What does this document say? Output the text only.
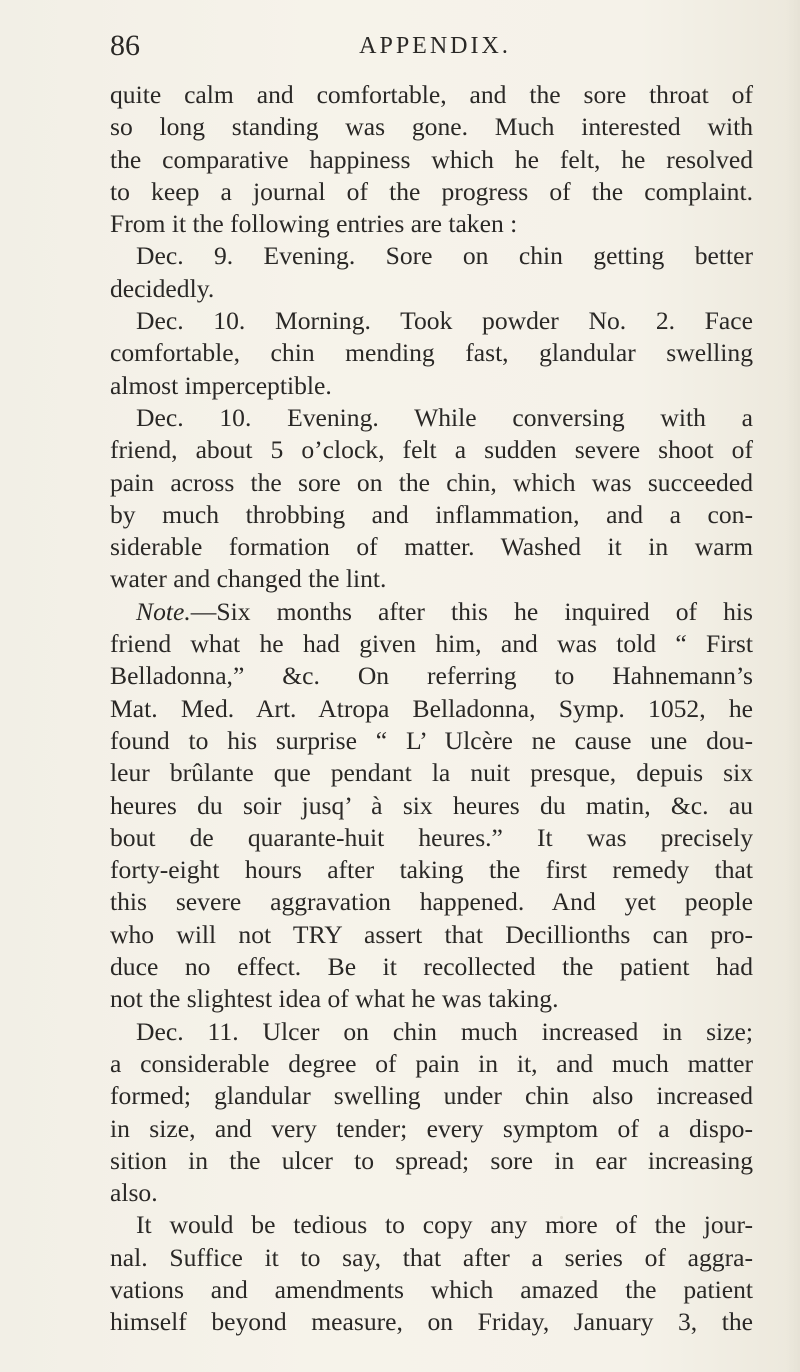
86	APPENDIX.
quite calm and comfortable, and the sore throat of
so long standing was gone. Much interested with
the comparative happiness which he felt, he resolved
to keep a journal of the progress of the complaint.
From it the following entries are taken :
Dec. 9. Evening. Sore on chin getting better
decidedly.
Dec. 10. Morning. Took powder No. 2. Face
comfortable, chin mending fast, glandular swelling
almost imperceptible.
Dec. 10. Evening. While conversing with a
friend, about 5 o’clock, felt a sudden severe shoot of
pain across the sore on the chin, which was succeeded
by much throbbing and inflammation, and a con-
siderable formation of matter. Washed it in warm
water and changed the lint.
Note.—Six months after this he inquired of his
friend what he had given him, and was told “ First
Belladonna,” &c. On referring to Hahnemann’s
Mat. Med. Art. Atropa Belladonna, Symp. 1052, he
found to his surprise “ L’ Ulcère ne cause une dou-
leur brûlante que pendant la nuit presque, depuis six
heures du soir jusq’ à six heures du matin, &c. au
bout de quarante-huit heures.” It was precisely
forty-eight hours after taking the first remedy that
this severe aggravation happened. And yet people
who will not TRY assert that Decillionths can pro-
duce no effect. Be it recollected the patient had
not the slightest idea of what he was taking.
Dec. 11. Ulcer on chin much increased in size;
a considerable degree of pain in it, and much matter
formed; glandular swelling under chin also increased
in size, and very tender; every symptom of a dispo-
sition in the ulcer to spread; sore in ear increasing
also.
It would be tedious to copy any more of the jour-
nal. Suffice it to say, that after a series of aggra-
vations and amendments which amazed the patient
himself beyond measure, on Friday, January 3, the
